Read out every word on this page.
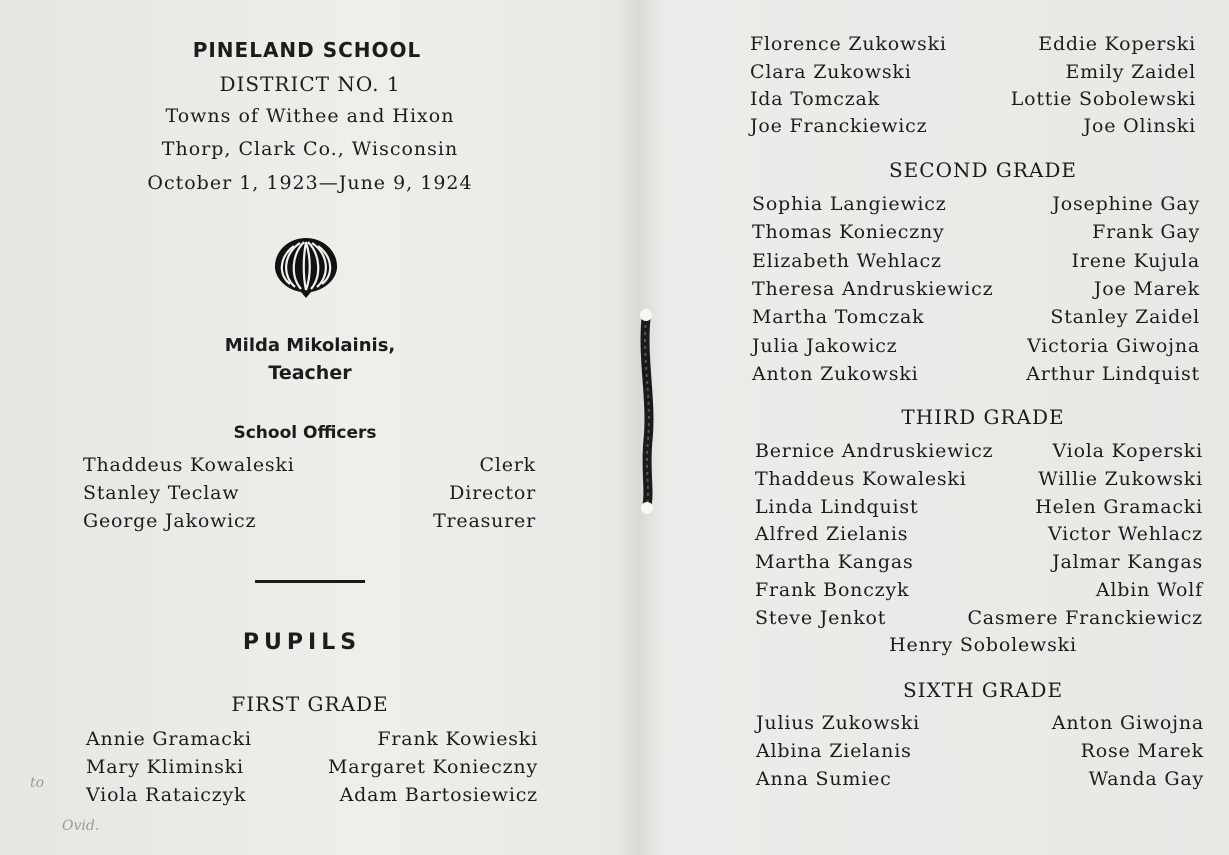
PINELAND SCHOOL
DISTRICT NO. 1
Towns of Withee and Hixon
Thorp, Clark Co., Wisconsin
October 1, 1923—June 9, 1924
Milda Mikolainis,
Teacher
School Officers
Thaddeus Kowaleski	Clerk
Stanley Teclaw	Director
George Jakowicz	Treasurer
PUPILS
FIRST GRADE
Annie Gramacki	Frank Kowieski
Mary Kliminski	Margaret Konieczny
Viola Rataiczyk	Adam Bartosiewicz
to
Ovid.
Florence Zukowski	Eddie Koperski
Clara Zukowski	Emily Zaidel
Ida Tomczak	Lottie Sobolewski
Joe Franckiewicz	Joe Olinski
SECOND GRADE
Sophia Langiewicz	Josephine Gay
Thomas Konieczny	Frank Gay
Elizabeth Wehlacz	Irene Kujula
Theresa Andruskiewicz	Joe Marek
Martha Tomczak	Stanley Zaidel
Julia Jakowicz	Victoria Giwojna
Anton Zukowski	Arthur Lindquist
THIRD GRADE
Bernice Andruskiewicz	Viola Koperski
Thaddeus Kowaleski	Willie Zukowski
Linda Lindquist	Helen Gramacki
Alfred Zielanis	Victor Wehlacz
Martha Kangas	Jalmar Kangas
Frank Bonczyk	Albin Wolf
Steve Jenkot	Casmere Franckiewicz
Henry Sobolewski
SIXTH GRADE
Julius Zukowski	Anton Giwojna
Albina Zielanis	Rose Marek
Anna Sumiec	Wanda Gay
